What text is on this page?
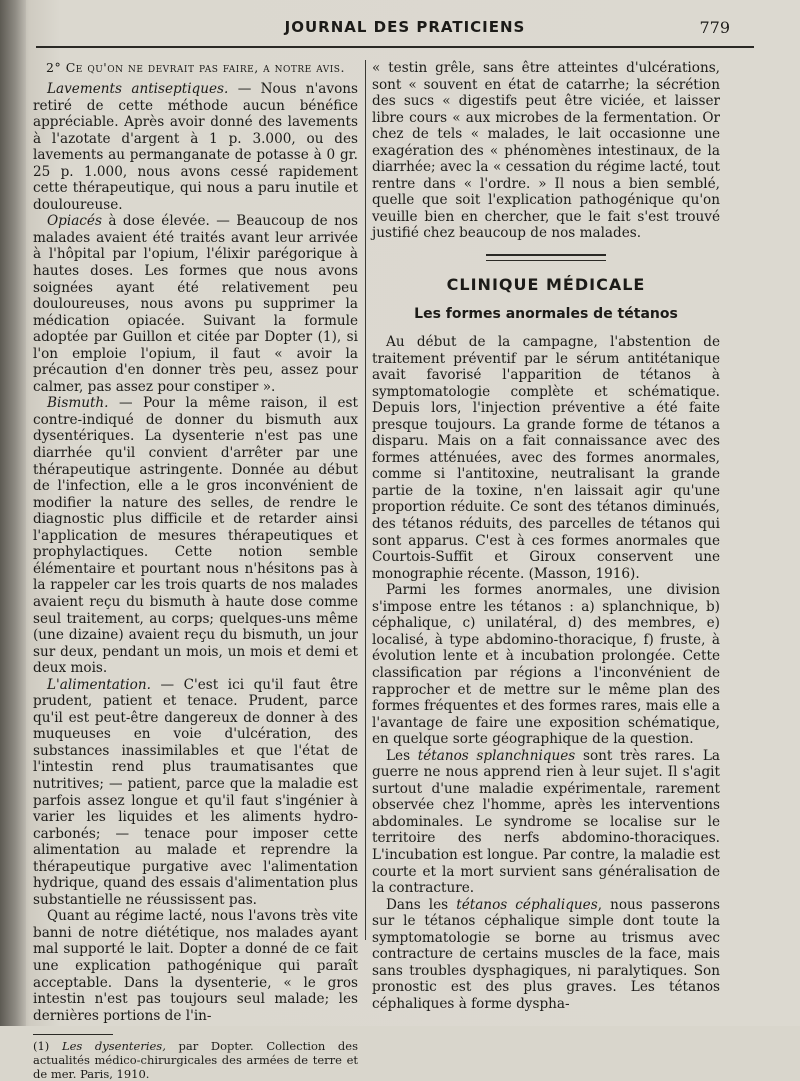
JOURNAL DES PRATICIENS	779
2° Ce qu'on ne devrait pas faire, a notre avis.

Lavements antiseptiques. — Nous n'avons retiré de cette méthode aucun bénéfice appréciable. Après avoir donné des lavements à l'azotate d'argent à 1 p. 3.000, ou des lavements au permanganate de potasse à 0 gr. 25 p. 1.000, nous avons cessé rapidement cette thérapeutique, qui nous a paru inutile et douloureuse.

Opiacés à dose élevée. — Beaucoup de nos malades avaient été traités avant leur arrivée à l'hôpital par l'opium, l'élixir parégorique à hautes doses. Les formes que nous avons soignées ayant été relativement peu douloureuses, nous avons pu supprimer la médication opiacée. Suivant la formule adoptée par Guillon et citée par Dopter (1), si l'on emploie l'opium, il faut « avoir la précaution d'en donner très peu, assez pour calmer, pas assez pour constiper ».

Bismuth. — Pour la même raison, il est contre-indiqué de donner du bismuth aux dysentériques. La dysenterie n'est pas une diarrhée qu'il convient d'arrêter par une thérapeutique astringente. Donnée au début de l'infection, elle a le gros inconvénient de modifier la nature des selles, de rendre le diagnostic plus difficile et de retarder ainsi l'application de mesures thérapeutiques et prophylactiques. Cette notion semble élémentaire et pourtant nous n'hésitons pas à la rappeler car les trois quarts de nos malades avaient reçu du bismuth à haute dose comme seul traitement, au corps; quelques-uns même (une dizaine) avaient reçu du bismuth, un jour sur deux, pendant un mois, un mois et demi et deux mois.

L'alimentation. — C'est ici qu'il faut être prudent, patient et tenace. Prudent, parce qu'il est peut-être dangereux de donner à des muqueuses en voie d'ulcération, des substances inassimilables et que l'état de l'intestin rend plus traumatisantes que nutritives; — patient, parce que la maladie est parfois assez longue et qu'il faut s'ingénier à varier les liquides et les aliments hydro-carbonés; — tenace pour imposer cette alimentation au malade et reprendre la thérapeutique purgative avec l'alimentation hydrique, quand des essais d'alimentation plus substantielle ne réussissent pas.

Quant au régime lacté, nous l'avons très vite banni de notre diététique, nos malades ayant mal supporté le lait. Dopter a donné de ce fait une explication pathogénique qui paraît acceptable. Dans la dysenterie, « le gros intestin n'est pas toujours seul malade; les dernières portions de l'in-

(1) Les dysenteries, par Dopter. Collection des actualités médico-chirurgicales des armées de terre et de mer. Paris, 1910.

« testin grêle, sans être atteintes d'ulcérations, sont « souvent en état de catarrhe; la sécrétion des sucs « digestifs peut être viciée, et laisser libre cours « aux microbes de la fermentation. Or chez de tels « malades, le lait occasionne une exagération des « phénomènes intestinaux, de la diarrhée; avec la « cessation du régime lacté, tout rentre dans « l'ordre. » Il nous a bien semblé, quelle que soit l'explication pathogénique qu'on veuille bien en chercher, que le fait s'est trouvé justifié chez beaucoup de nos malades.

CLINIQUE MÉDICALE
Les formes anormales de tétanos

Au début de la campagne, l'abstention de traitement préventif par le sérum antitétanique avait favorisé l'apparition de tétanos à symptomatologie complète et schématique. Depuis lors, l'injection préventive a été faite presque toujours. La grande forme de tétanos a disparu. Mais on a fait connaissance avec des formes atténuées, avec des formes anormales, comme si l'antitoxine, neutralisant la grande partie de la toxine, n'en laissait agir qu'une proportion réduite. Ce sont des tétanos diminués, des tétanos réduits, des parcelles de tétanos qui sont apparus. C'est à ces formes anormales que Courtois-Suffit et Giroux conservent une monographie récente. (Masson, 1916).

Parmi les formes anormales, une division s'impose entre les tétanos : a) splanchnique, b) céphalique, c) unilatéral, d) des membres, e) localisé, à type abdomino-thoracique, f) fruste, à évolution lente et à incubation prolongée. Cette classification par régions a l'inconvénient de rapprocher et de mettre sur le même plan des formes fréquentes et des formes rares, mais elle a l'avantage de faire une exposition schématique, en quelque sorte géographique de la question.

Les tétanos splanchniques sont très rares. La guerre ne nous apprend rien à leur sujet. Il s'agit surtout d'une maladie expérimentale, rarement observée chez l'homme, après les interventions abdominales. Le syndrome se localise sur le territoire des nerfs abdomino-thoraciques. L'incubation est longue. Par contre, la maladie est courte et la mort survient sans généralisation de la contracture.

Dans les tétanos céphaliques, nous passerons sur le tétanos céphalique simple dont toute la symptomatologie se borne au trismus avec contracture de certains muscles de la face, mais sans troubles dysphagiques, ni paralytiques. Son pronostic est des plus graves. Les tétanos céphaliques à forme dyspha-
